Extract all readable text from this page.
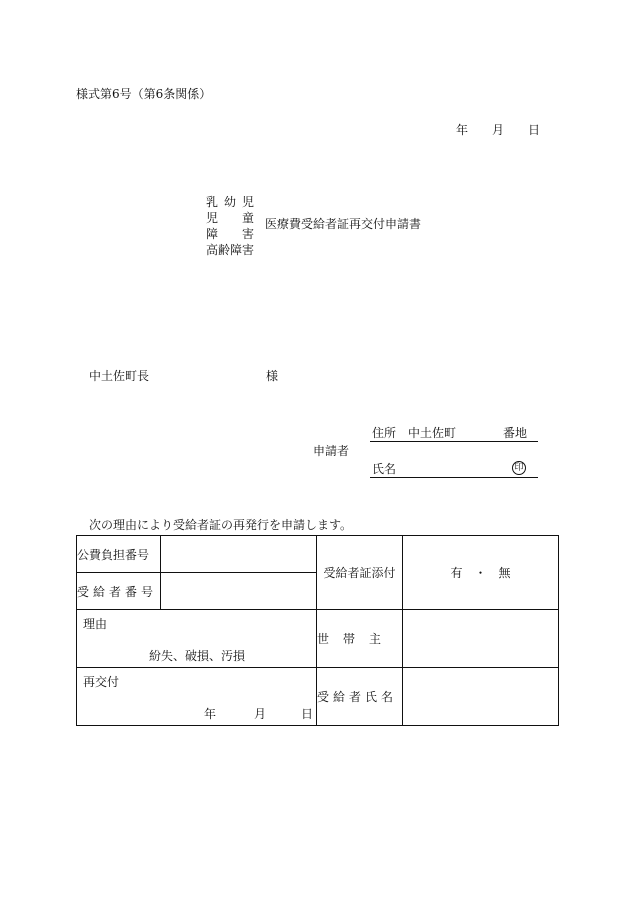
様式第6号（第6条関係）
年 月 日
乳 幼 児
児 童
障 害
高齢障害
医療費受給者証再交付申請書
中土佐町長	様
住所 中土佐町	番地
申請者
氏名	印
次の理由により受給者証の再発行を申請します。
公費負担番号		受給者証添付	有　・　無
受給者番号			

理由
紛失、破損、汚損		世帯主	

再交付
年 月 日		受給者氏名	
